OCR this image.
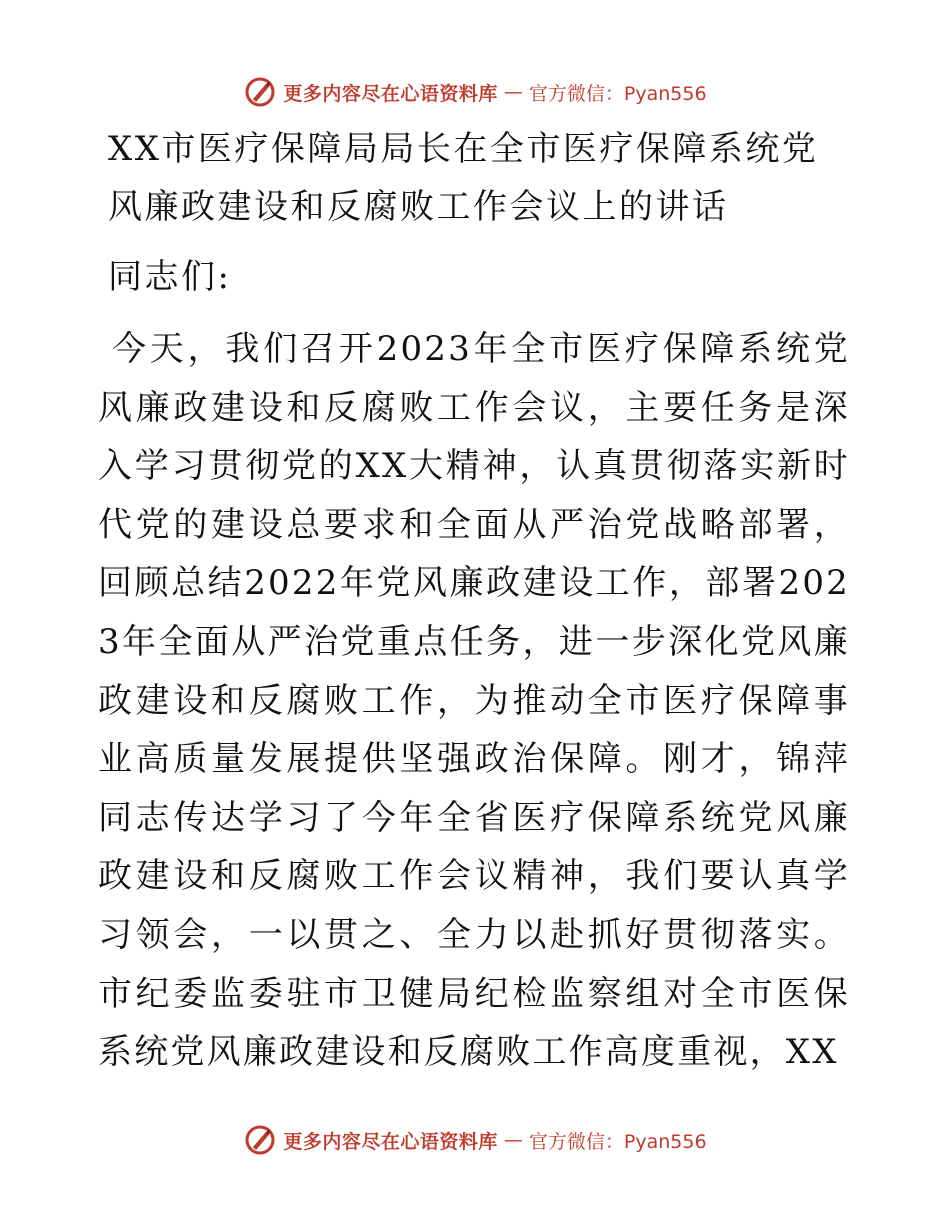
更多内容尽在心语资料库 — 官方微信：Pyan556
XX市医疗保障局局长在全市医疗保障系统党风廉政建设和反腐败工作会议上的讲话

同志们:

今天，我们召开2023年全市医疗保障系统党风廉政建设和反腐败工作会议，主要任务是深入学习贯彻党的XX大精神，认真贯彻落实新时代党的建设总要求和全面从严治党战略部署，回顾总结2022年党风廉政建设工作，部署2023年全面从严治党重点任务，进一步深化党风廉政建设和反腐败工作，为推动全市医疗保障事业高质量发展提供坚强政治保障。刚才，锦萍同志传达学习了今年全省医疗保障系统党风廉政建设和反腐败工作会议精神，我们要认真学习领会，一以贯之、全力以赴抓好贯彻落实。市纪委监委驻市卫健局纪检监察组对全市医保系统党风廉政建设和反腐败工作高度重视，XX

更多内容尽在心语资料库 — 官方微信：Pyan556
